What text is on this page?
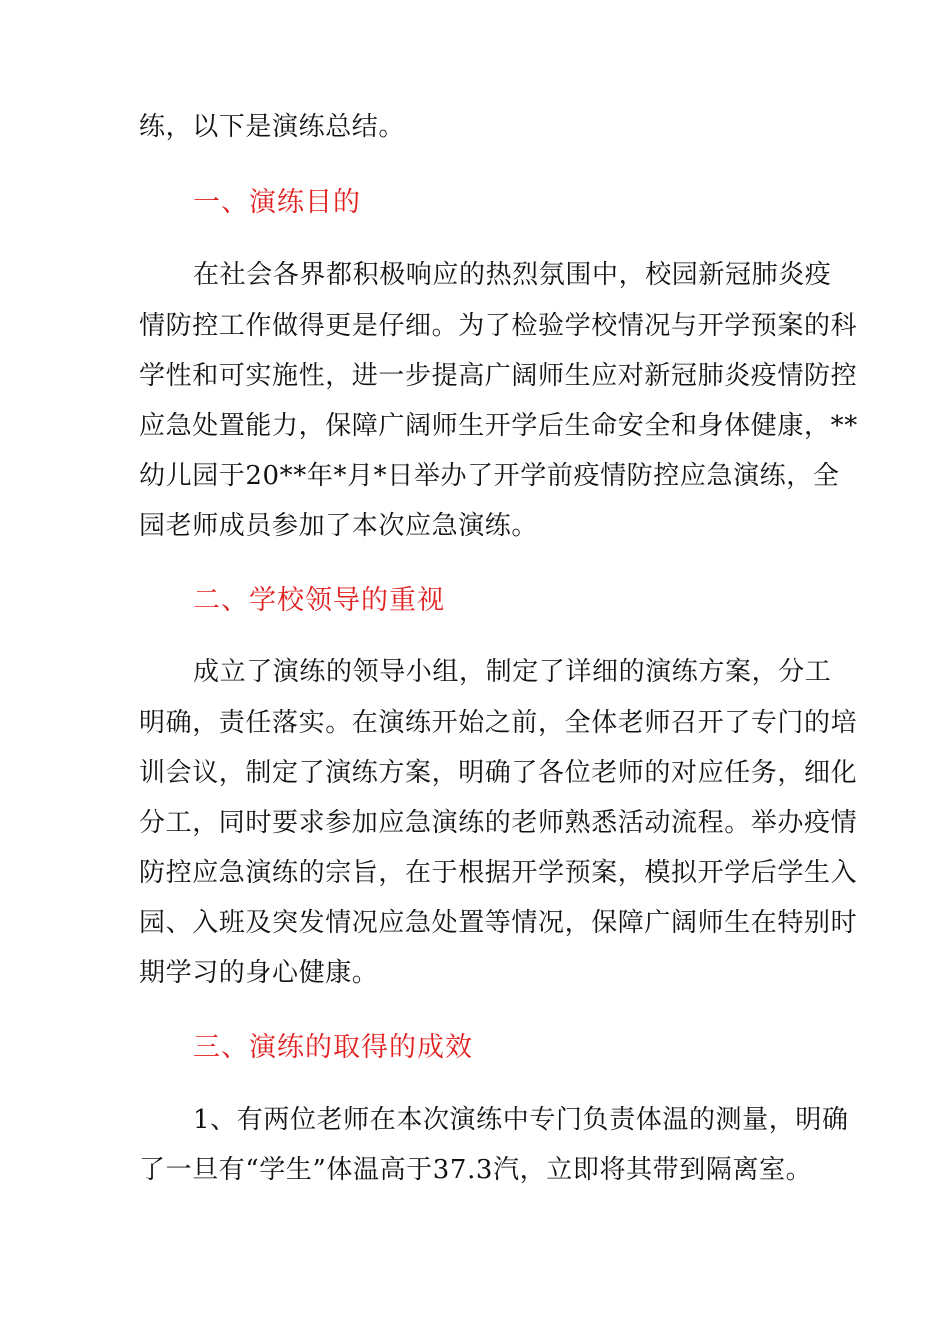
练，以下是演练总结。
一、演练目的
在社会各界都积极响应的热烈氛围中，校园新冠肺炎疫
情防控工作做得更是仔细。为了检验学校情况与开学预案的科
学性和可实施性，进一步提高广阔师生应对新冠肺炎疫情防控
应急处置能力，保障广阔师生开学后生命安全和身体健康，**
幼儿园于20**年*月*日举办了开学前疫情防控应急演练，全
园老师成员参加了本次应急演练。
二、学校领导的重视
成立了演练的领导小组，制定了详细的演练方案，分工
明确，责任落实。在演练开始之前，全体老师召开了专门的培
训会议，制定了演练方案，明确了各位老师的对应任务，细化
分工，同时要求参加应急演练的老师熟悉活动流程。举办疫情
防控应急演练的宗旨，在于根据开学预案，模拟开学后学生入
园、入班及突发情况应急处置等情况，保障广阔师生在特别时
期学习的身心健康。
三、演练的取得的成效
1、有两位老师在本次演练中专门负责体温的测量，明确
了一旦有“学生”体温高于37.3汽，立即将其带到隔离室。
